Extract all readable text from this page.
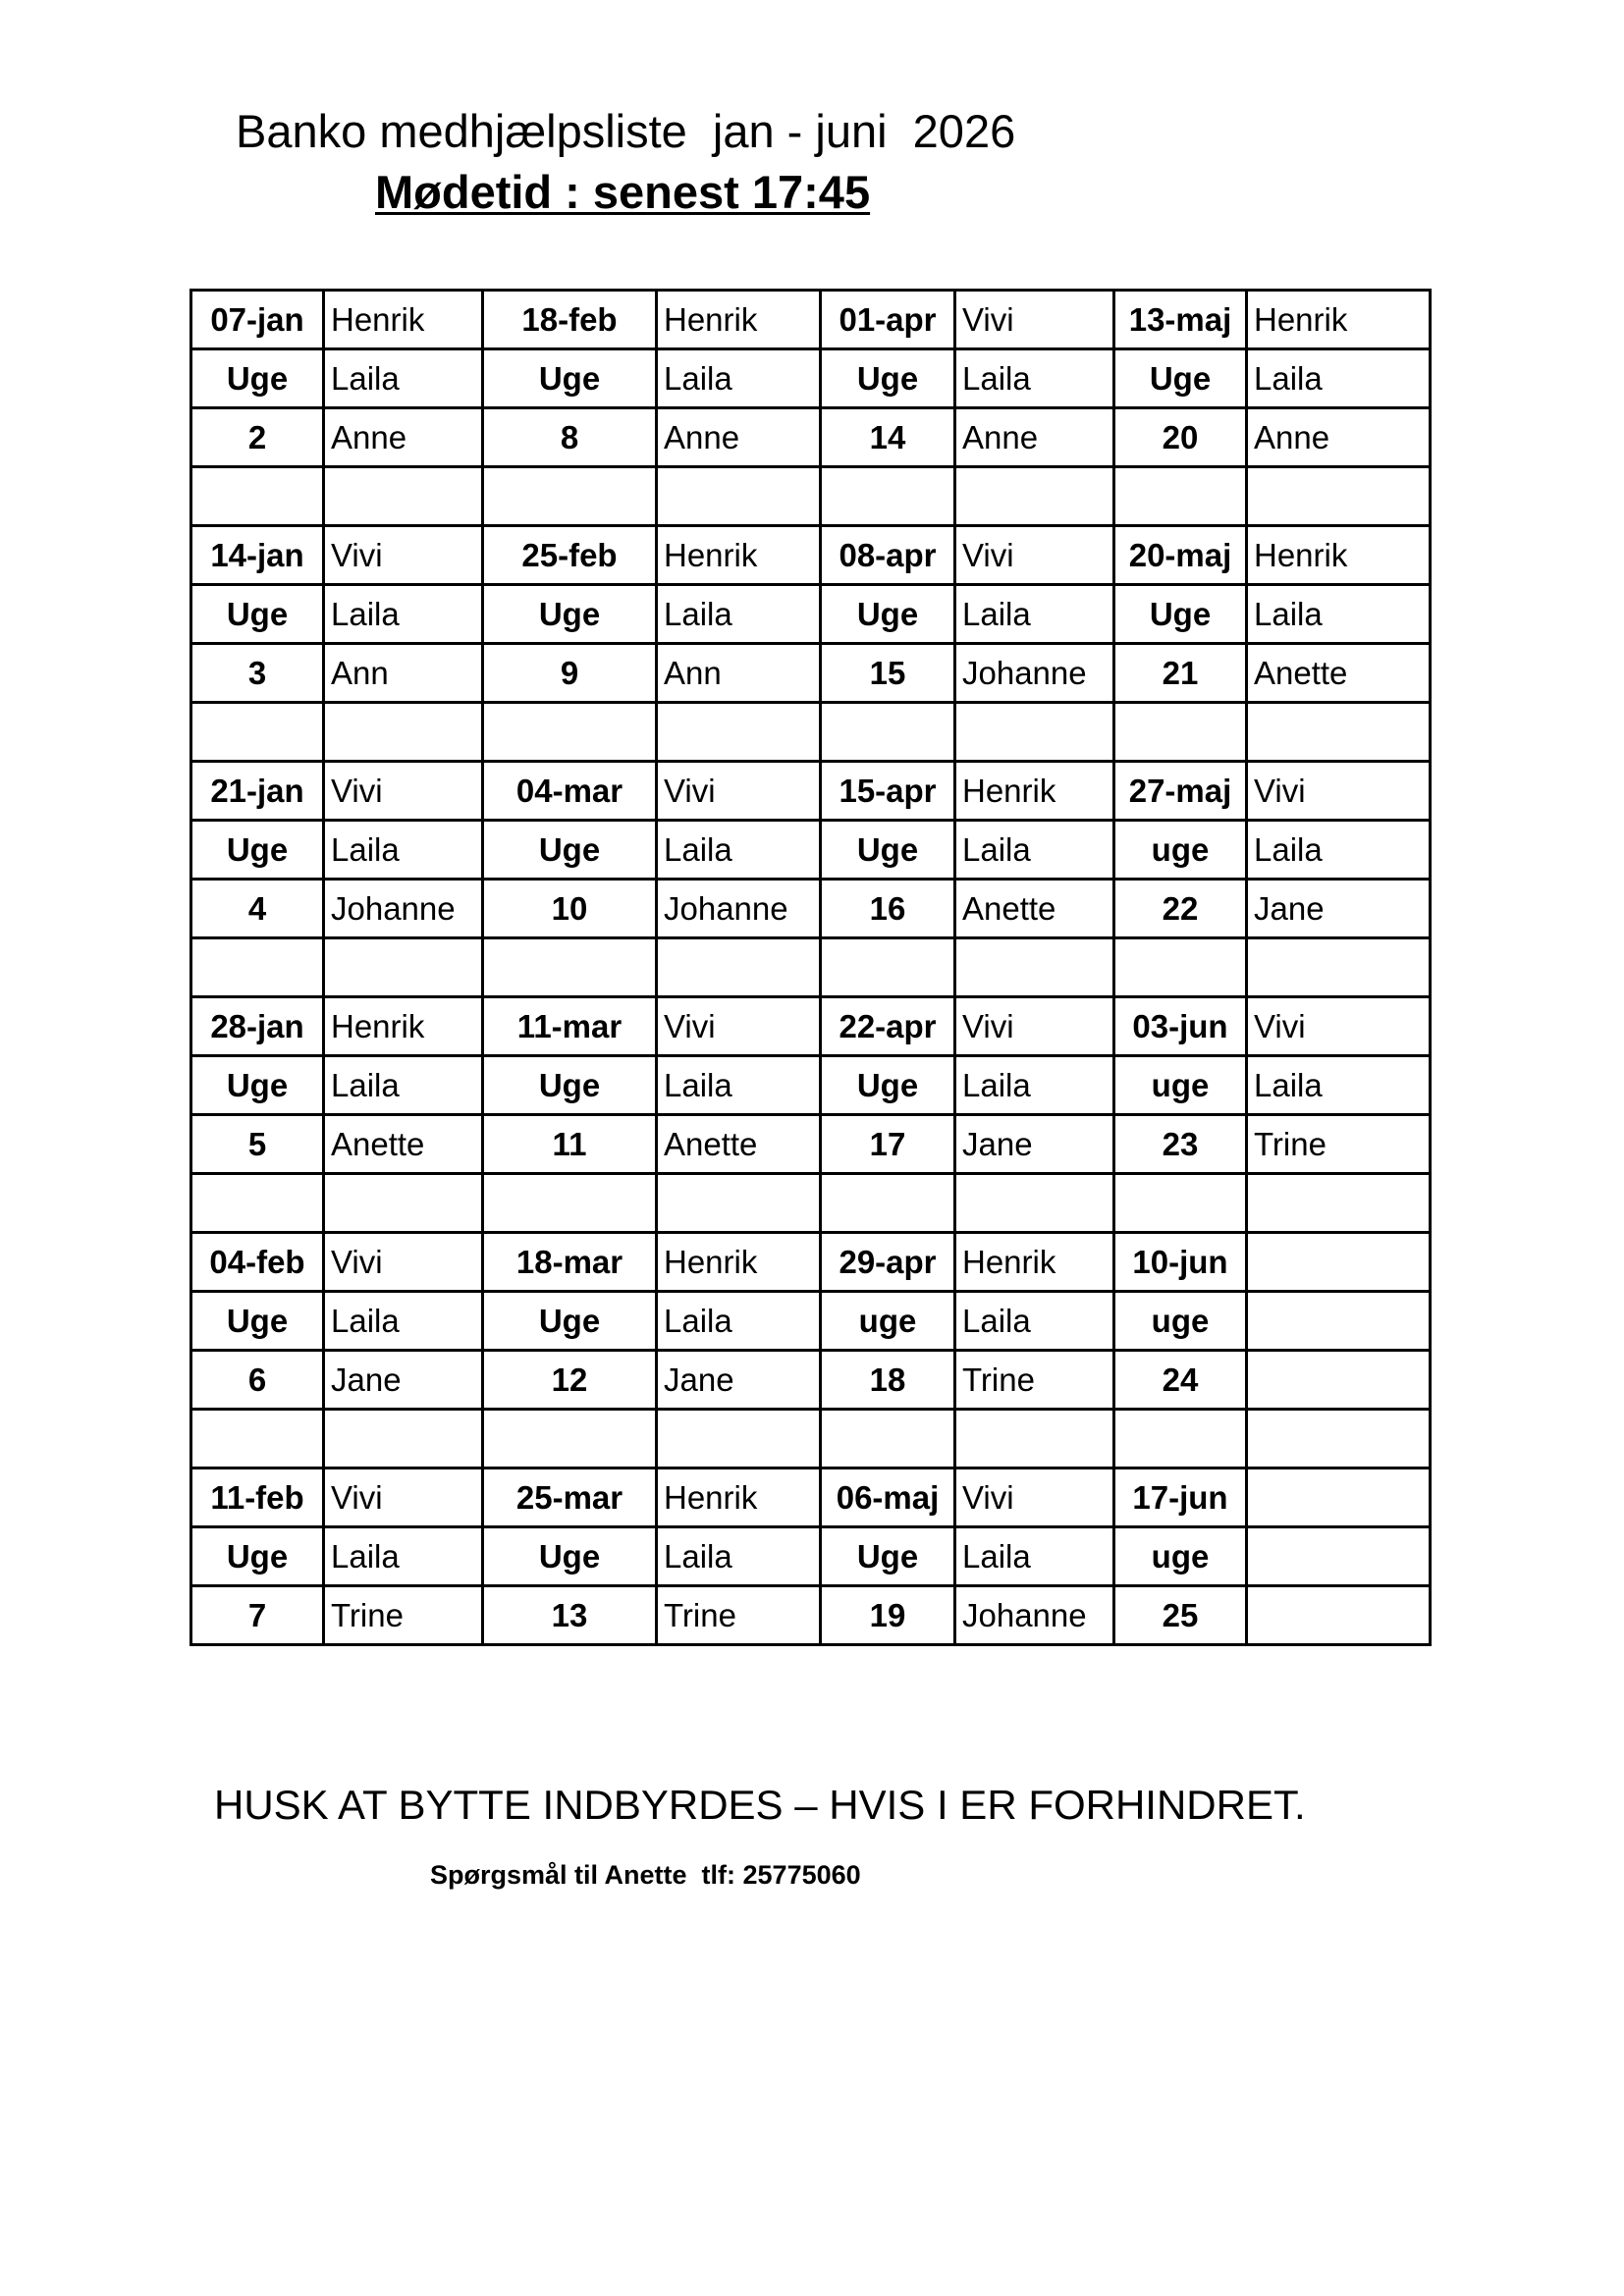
Banko medhjælpsliste  jan - juni  2026
Mødetid : senest 17:45
07-jan	Henrik	18-feb	Henrik	01-apr	Vivi	13-maj	Henrik
Uge	Laila	Uge	Laila	Uge	Laila	Uge	Laila
2	Anne	8	Anne	14	Anne	20	Anne

14-jan	Vivi	25-feb	Henrik	08-apr	Vivi	20-maj	Henrik
Uge	Laila	Uge	Laila	Uge	Laila	Uge	Laila
3	Ann	9	Ann	15	Johanne	21	Anette

21-jan	Vivi	04-mar	Vivi	15-apr	Henrik	27-maj	Vivi
Uge	Laila	Uge	Laila	Uge	Laila	uge	Laila
4	Johanne	10	Johanne	16	Anette	22	Jane

28-jan	Henrik	11-mar	Vivi	22-apr	Vivi	03-jun	Vivi
Uge	Laila	Uge	Laila	Uge	Laila	uge	Laila
5	Anette	11	Anette	17	Jane	23	Trine

04-feb	Vivi	18-mar	Henrik	29-apr	Henrik	10-jun	
Uge	Laila	Uge	Laila	uge	Laila	uge	
6	Jane	12	Jane	18	Trine	24	

11-feb	Vivi	25-mar	Henrik	06-maj	Vivi	17-jun	
Uge	Laila	Uge	Laila	Uge	Laila	uge	
7	Trine	13	Trine	19	Johanne	25	

HUSK AT BYTTE INDBYRDES – HVIS I ER FORHINDRET.

Spørgsmål til Anette  tlf: 25775060
